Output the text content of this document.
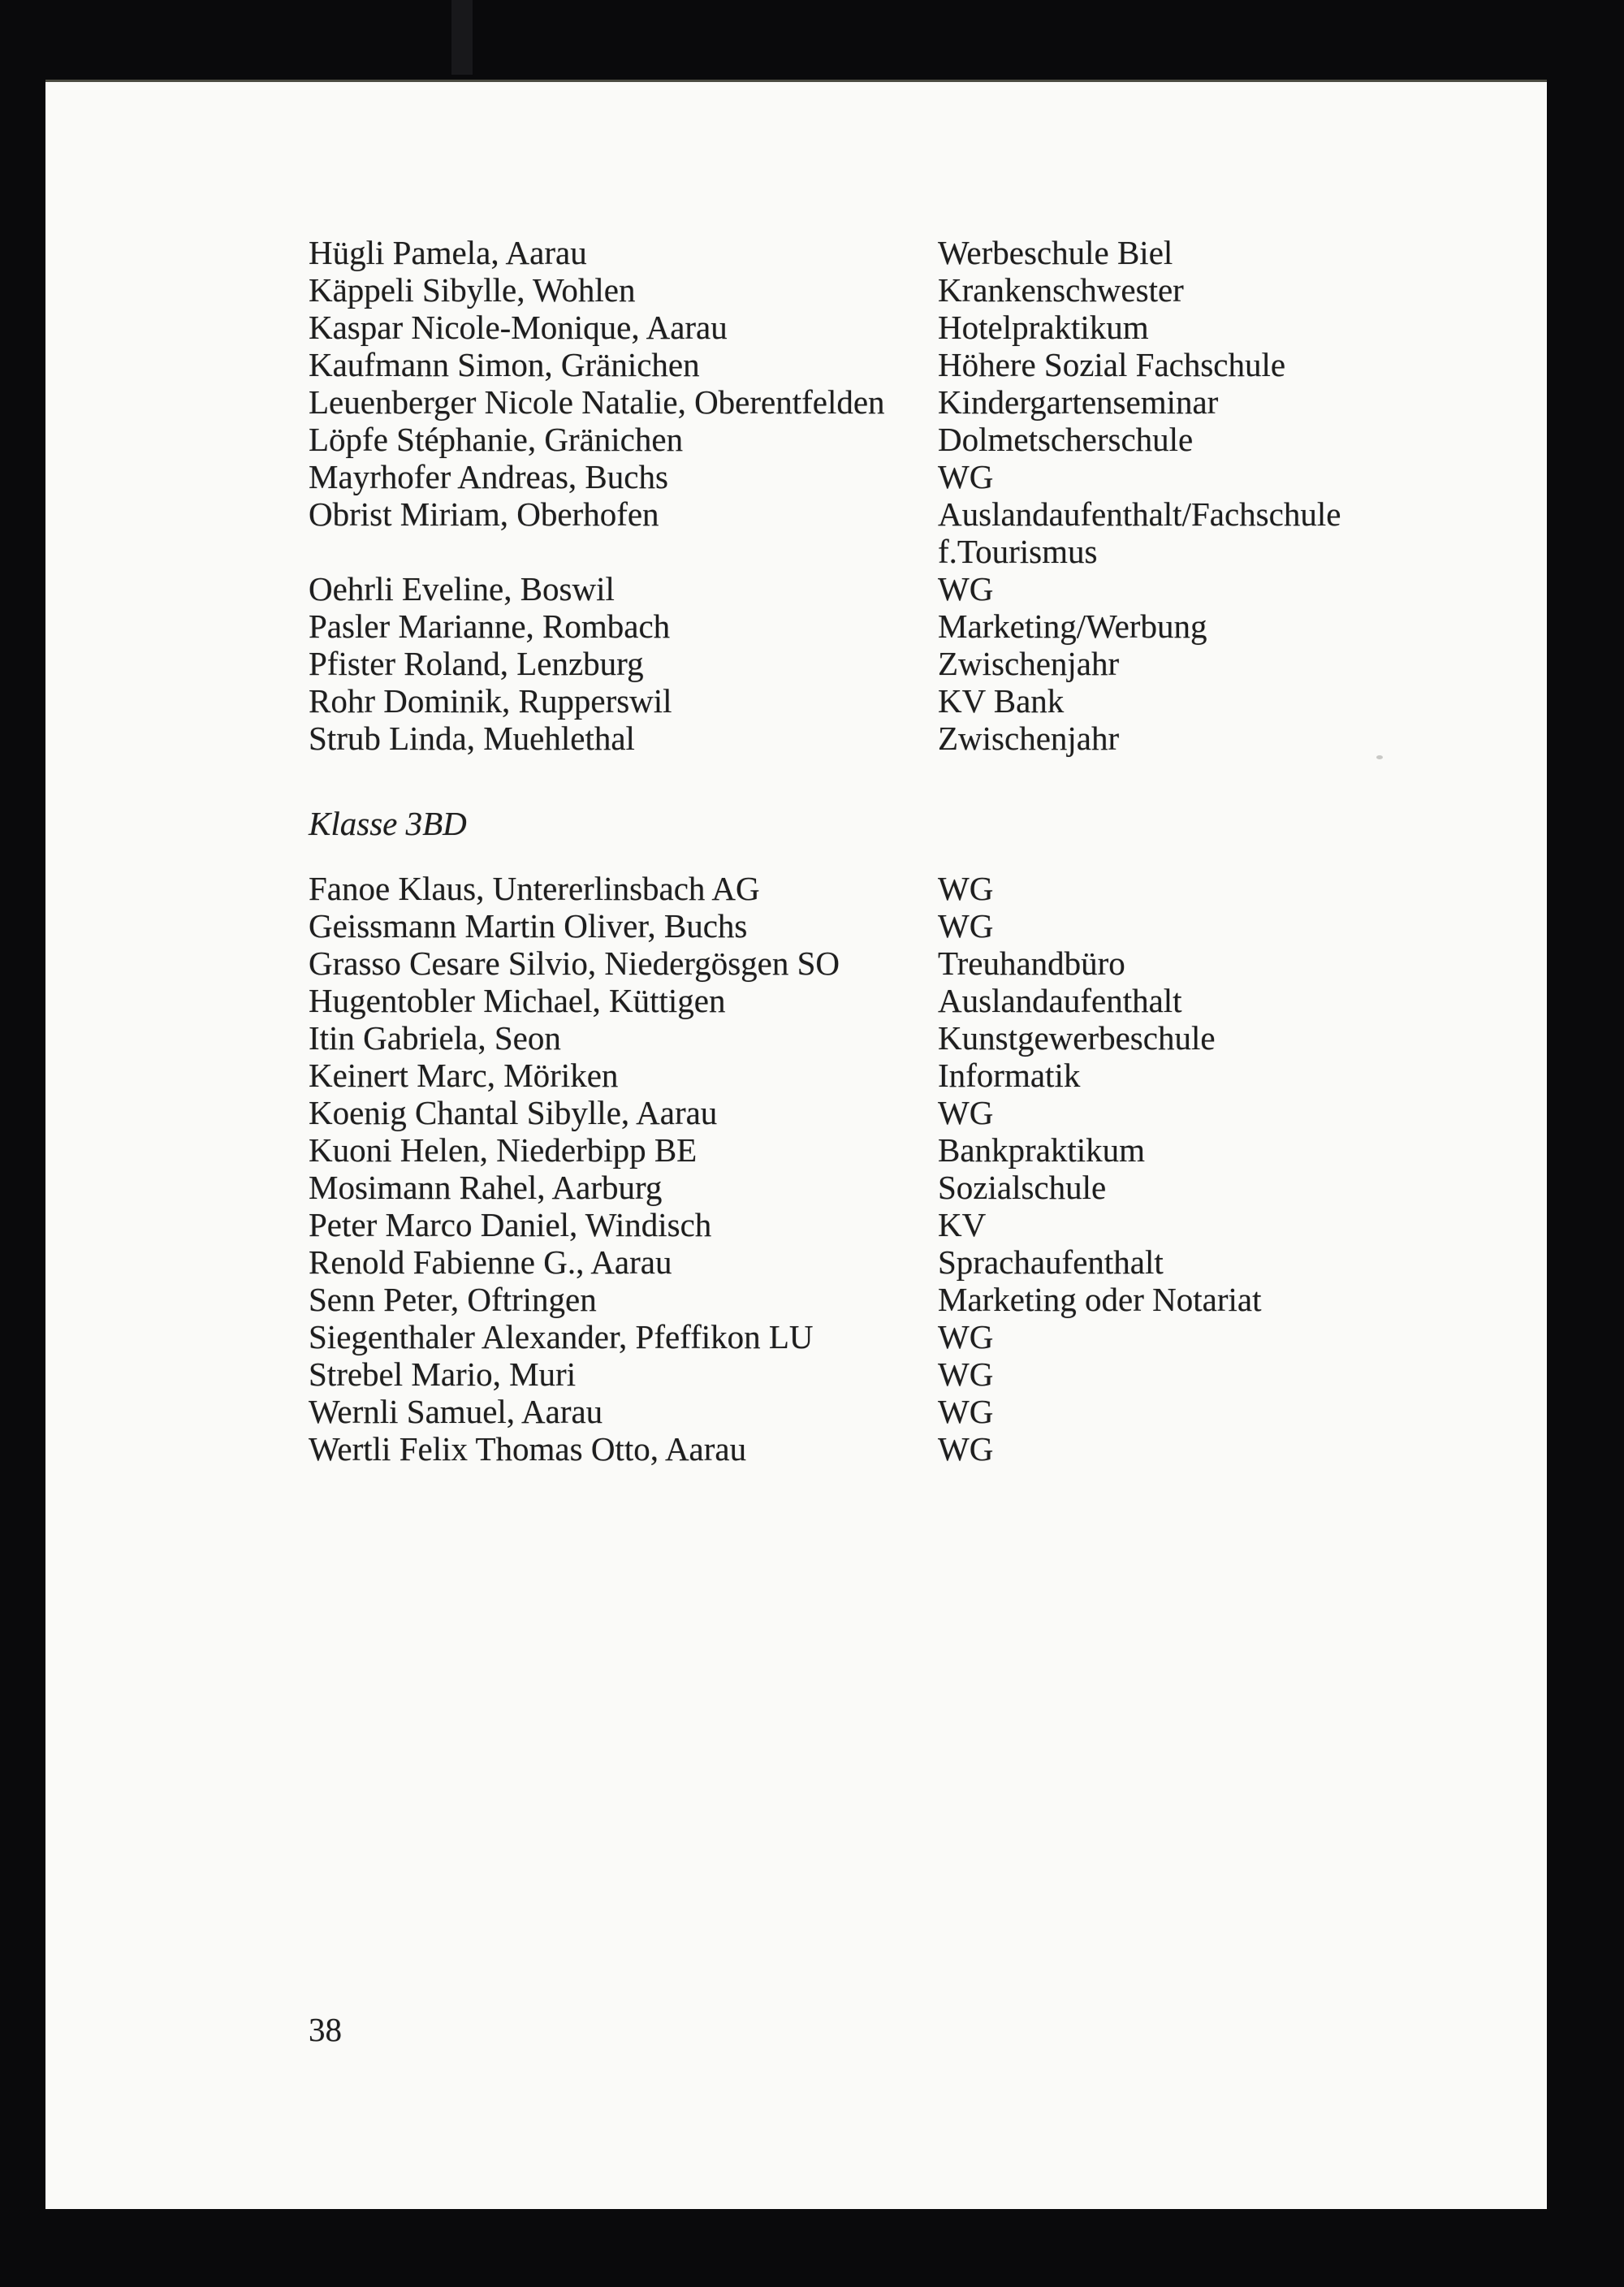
Hügli Pamela, Aarau	Werbeschule Biel
Käppeli Sibylle, Wohlen	Krankenschwester
Kaspar Nicole-Monique, Aarau	Hotelpraktikum
Kaufmann Simon, Gränichen	Höhere Sozial Fachschule
Leuenberger Nicole Natalie, Oberentfelden	Kindergartenseminar
Löpfe Stéphanie, Gränichen	Dolmetscherschule
Mayrhofer Andreas, Buchs	WG
Obrist Miriam, Oberhofen	Auslandaufenthalt/Fachschule
f.Tourismus
Oehrli Eveline, Boswil	WG
Pasler Marianne, Rombach	Marketing/Werbung
Pfister Roland, Lenzburg	Zwischenjahr
Rohr Dominik, Rupperswil	KV Bank
Strub Linda, Muehlethal	Zwischenjahr
Klasse 3BD
Fanoe Klaus, Untererlinsbach AG	WG
Geissmann Martin Oliver, Buchs	WG
Grasso Cesare Silvio, Niedergösgen SO	Treuhandbüro
Hugentobler Michael, Küttigen	Auslandaufenthalt
Itin Gabriela, Seon	Kunstgewerbeschule
Keinert Marc, Möriken	Informatik
Koenig Chantal Sibylle, Aarau	WG
Kuoni Helen, Niederbipp BE	Bankpraktikum
Mosimann Rahel, Aarburg	Sozialschule
Peter Marco Daniel, Windisch	KV
Renold Fabienne G., Aarau	Sprachaufenthalt
Senn Peter, Oftringen	Marketing oder Notariat
Siegenthaler Alexander, Pfeffikon LU	WG
Strebel Mario, Muri	WG
Wernli Samuel, Aarau	WG
Wertli Felix Thomas Otto, Aarau	WG
38
